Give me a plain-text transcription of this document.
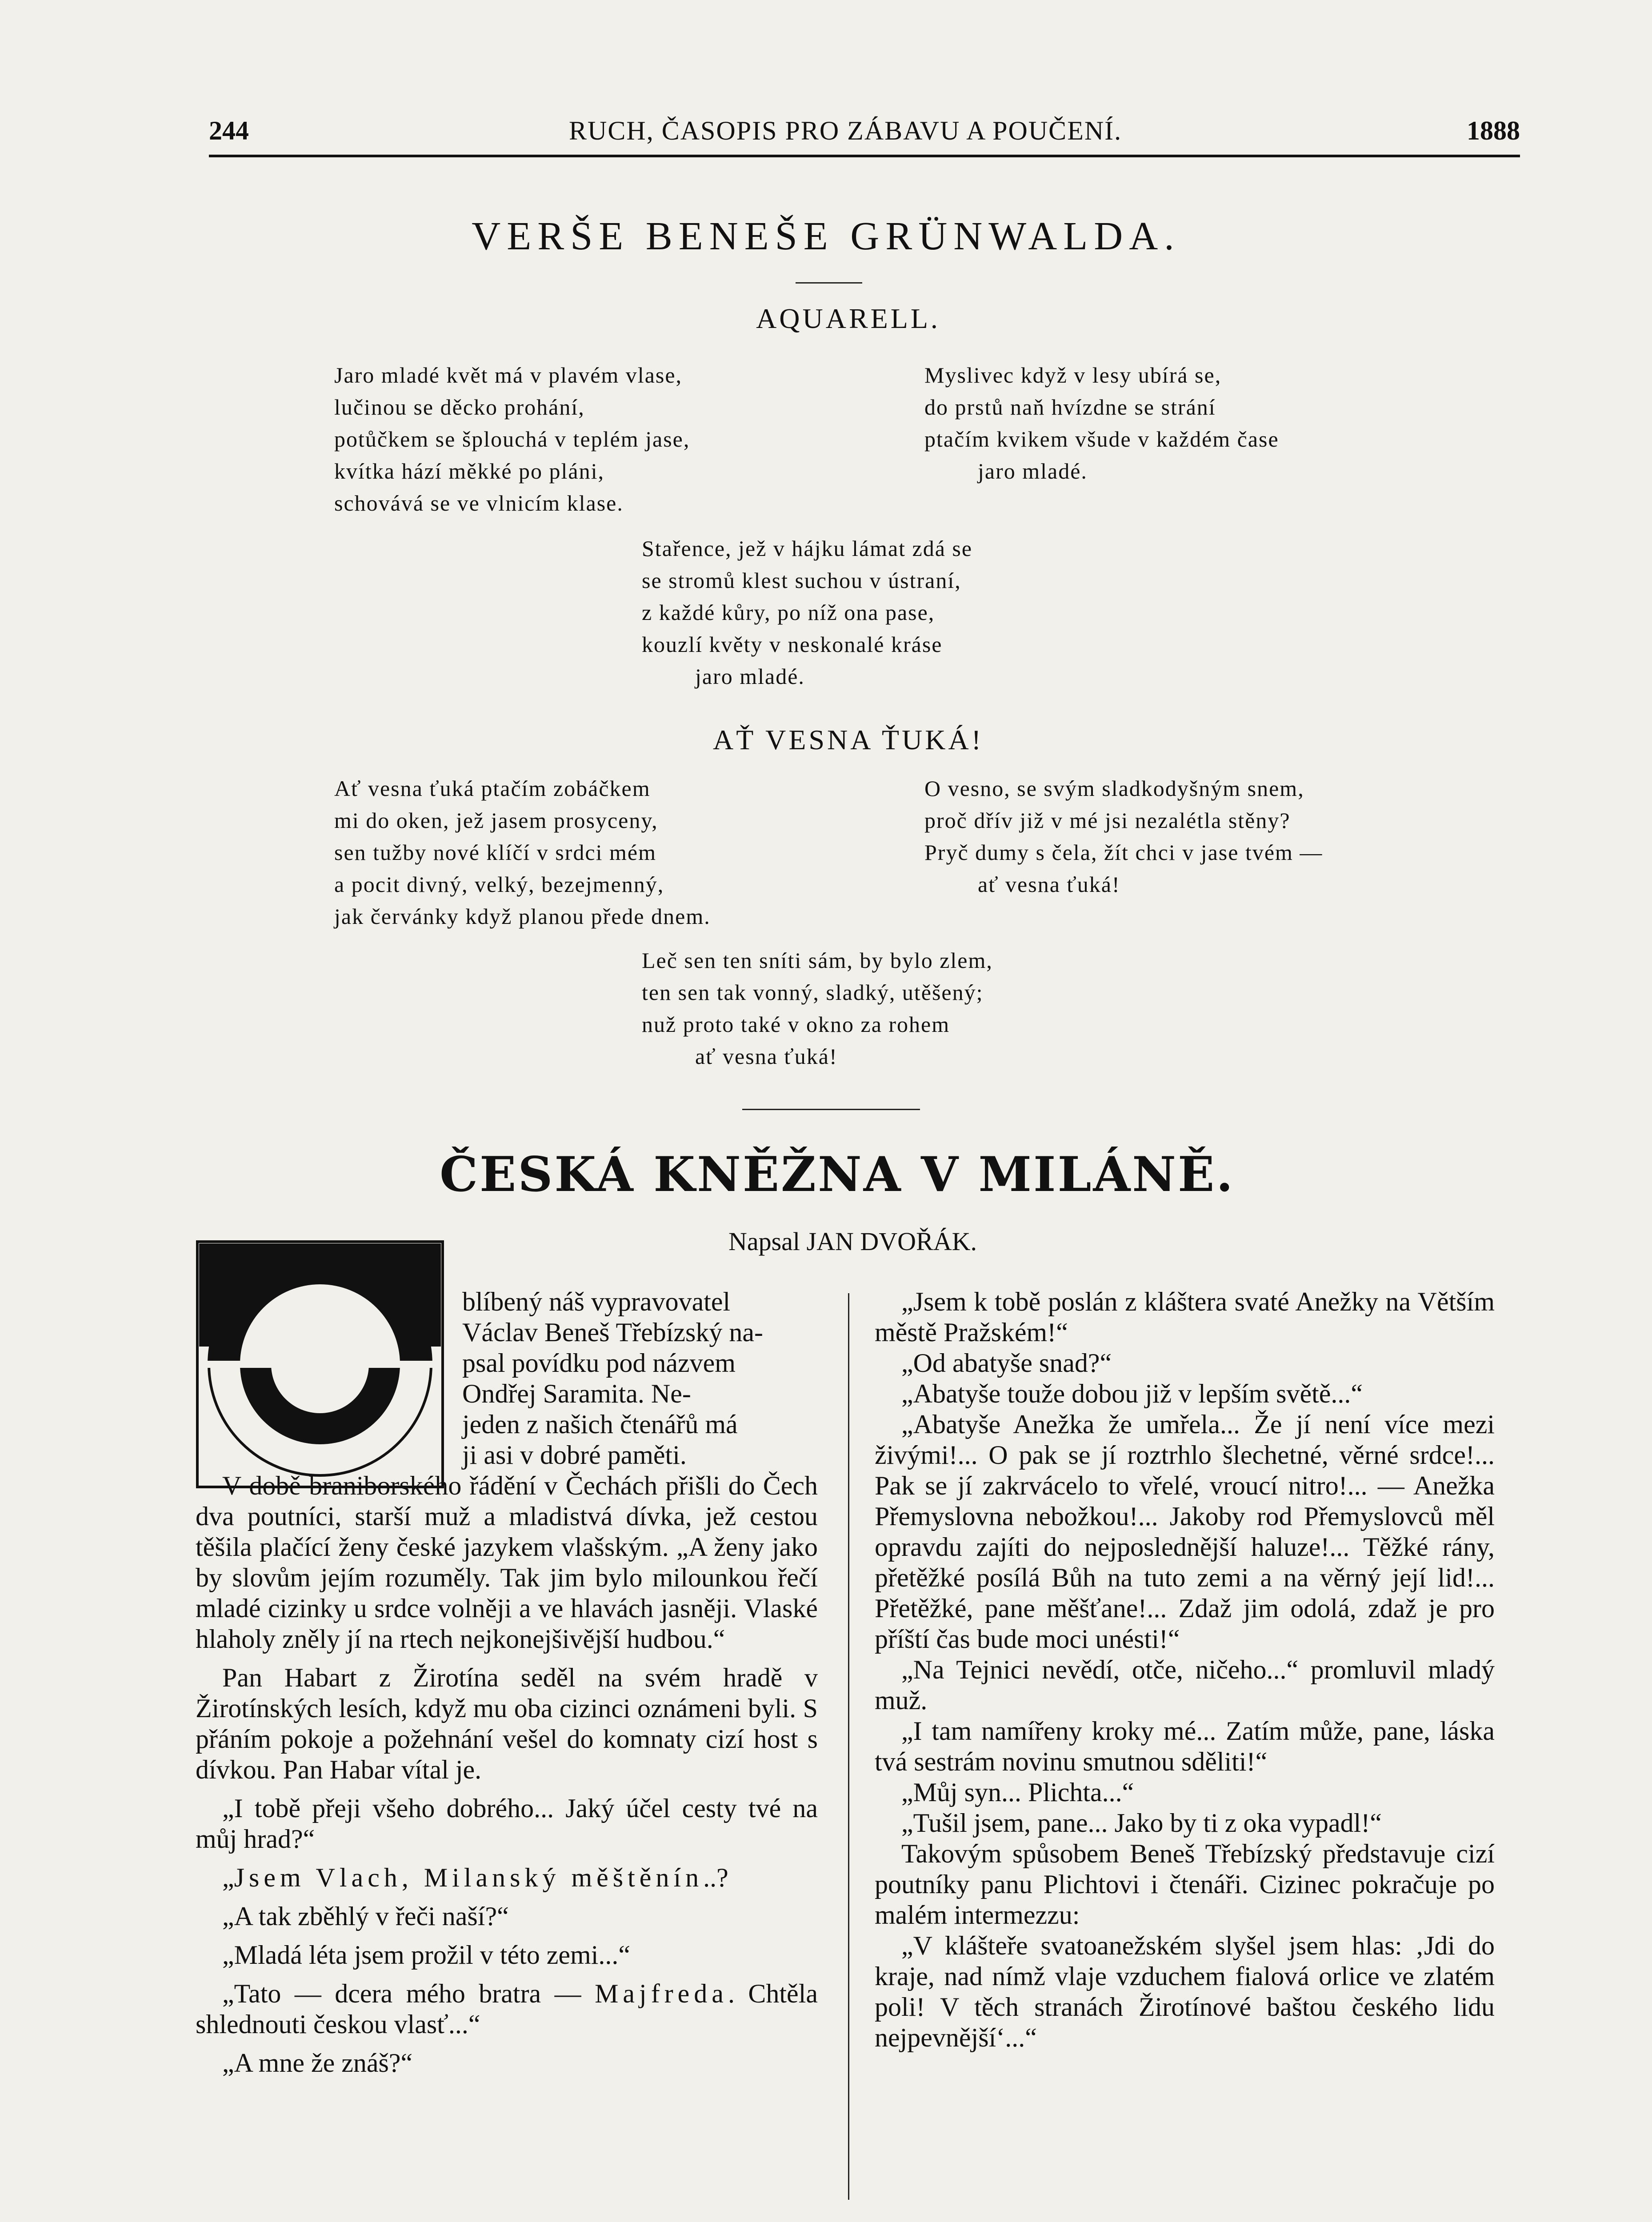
244	RUCH, ČASOPIS PRO ZÁBAVU A POUČENÍ.	1888
VERŠE BENEŠE GRÜNWALDA.
AQUARELL.
Jaro mladé květ má v plavém vlase,
lučinou se děcko prohání,
potůčkem se šplouchá v teplém jase,
kvítka hází měkké po pláni,
schovává se ve vlnicím klase.
Myslivec když v lesy ubírá se,
do prstů naň hvízdne se strání
ptačím kvikem všude v každém čase
jaro mladé.
Stařence, jež v hájku lámat zdá se
se stromů klest suchou v ústraní,
z každé kůry, po níž ona pase,
kouzlí květy v neskonalé kráse
jaro mladé.
AŤ VESNA ŤUKÁ!
Ať vesna ťuká ptačím zobáčkem
mi do oken, jež jasem prosyceny,
sen tužby nové klíčí v srdci mém
a pocit divný, velký, bezejmenný,
jak červánky když planou přede dnem.
O vesno, se svým sladkodyšným snem,
proč dřív již v mé jsi nezalétla stěny?
Pryč dumy s čela, žít chci v jase tvém —
ať vesna ťuká!
Leč sen ten sníti sám, by bylo zlem,
ten sen tak vonný, sladký, utěšený;
nuž proto také v okno za rohem
ať vesna ťuká!
ČESKÁ KNĚŽNA V MILÁNĚ.
Napsal JAN DVOŘÁK.

blíbený náš vypravovatel

Václav Beneš Třebízský na-

psal povídku pod názvem

Ondřej Saramita. Ne-

jeden z našich čtenářů má

ji asi v dobré paměti.

V době braniborského řádění v Čechách přišli do Čech dva poutníci, starší muž a mladistvá dívka, jež cestou těšila plačící ženy české jazykem vlašským. „A ženy jako by slovům jejím rozuměly. Tak jim bylo milounkou řečí mladé cizinky u srdce volněji a ve hlavách jasněji. Vlaské hlaholy zněly jí na rtech nejkonejšivější hudbou.“

Pan Habart z Žirotína seděl na svém hradě v Žirotínských lesích, když mu oba cizinci oznámeni byli. S přáním pokoje a požehnání vešel do komnaty cizí host s dívkou. Pan Habar vítal je.

„I tobě přeji všeho dobrého... Jaký účel cesty tvé na můj hrad?“

„Jsem Vlach, Milanský měštěnín..?

„A tak zběhlý v řeči naší?“

„Mladá léta jsem prožil v této zemi...“

„Tato — dcera mého bratra — Majfreda. Chtěla shlednouti českou vlasť...“

„A mne že znáš?“

„Jsem k tobě poslán z kláštera svaté Anežky na Větším městě Pražském!“

„Od abatyše snad?“

„Abatyše touže dobou již v lepším světě...“

„Abatyše Anežka že umřela... Že jí není více mezi živými!... O pak se jí roztrhlo šlechetné, věrné srdce!... Pak se jí zakrvácelo to vřelé, vroucí nitro!... — Anežka Přemyslovna nebožkou!... Jakoby rod Přemyslovců měl opravdu zajíti do nejposlednější haluze!... Těžké rány, přetěžké posílá Bůh na tuto zemi a na věrný její lid!... Přetěžké, pane měšťane!... Zdaž jim odolá, zdaž je pro příští čas bude moci unésti!“

„Na Tejnici nevědí, otče, ničeho...“ promluvil mladý muž.

„I tam namířeny kroky mé... Zatím může, pane, láska tvá sestrám novinu smutnou sděliti!“

„Můj syn... Plichta...“

„Tušil jsem, pane... Jako by ti z oka vypadl!“

Takovým spůsobem Beneš Třebízský představuje cizí poutníky panu Plichtovi i čtenáři. Cizinec pokračuje po malém intermezzu:

„V klášteře svatoanežském slyšel jsem hlas: ‚Jdi do kraje, nad nímž vlaje vzduchem fialová orlice ve zlatém poli! V těch stranách Žirotínové baštou českého lidu nejpevnější‘...“
